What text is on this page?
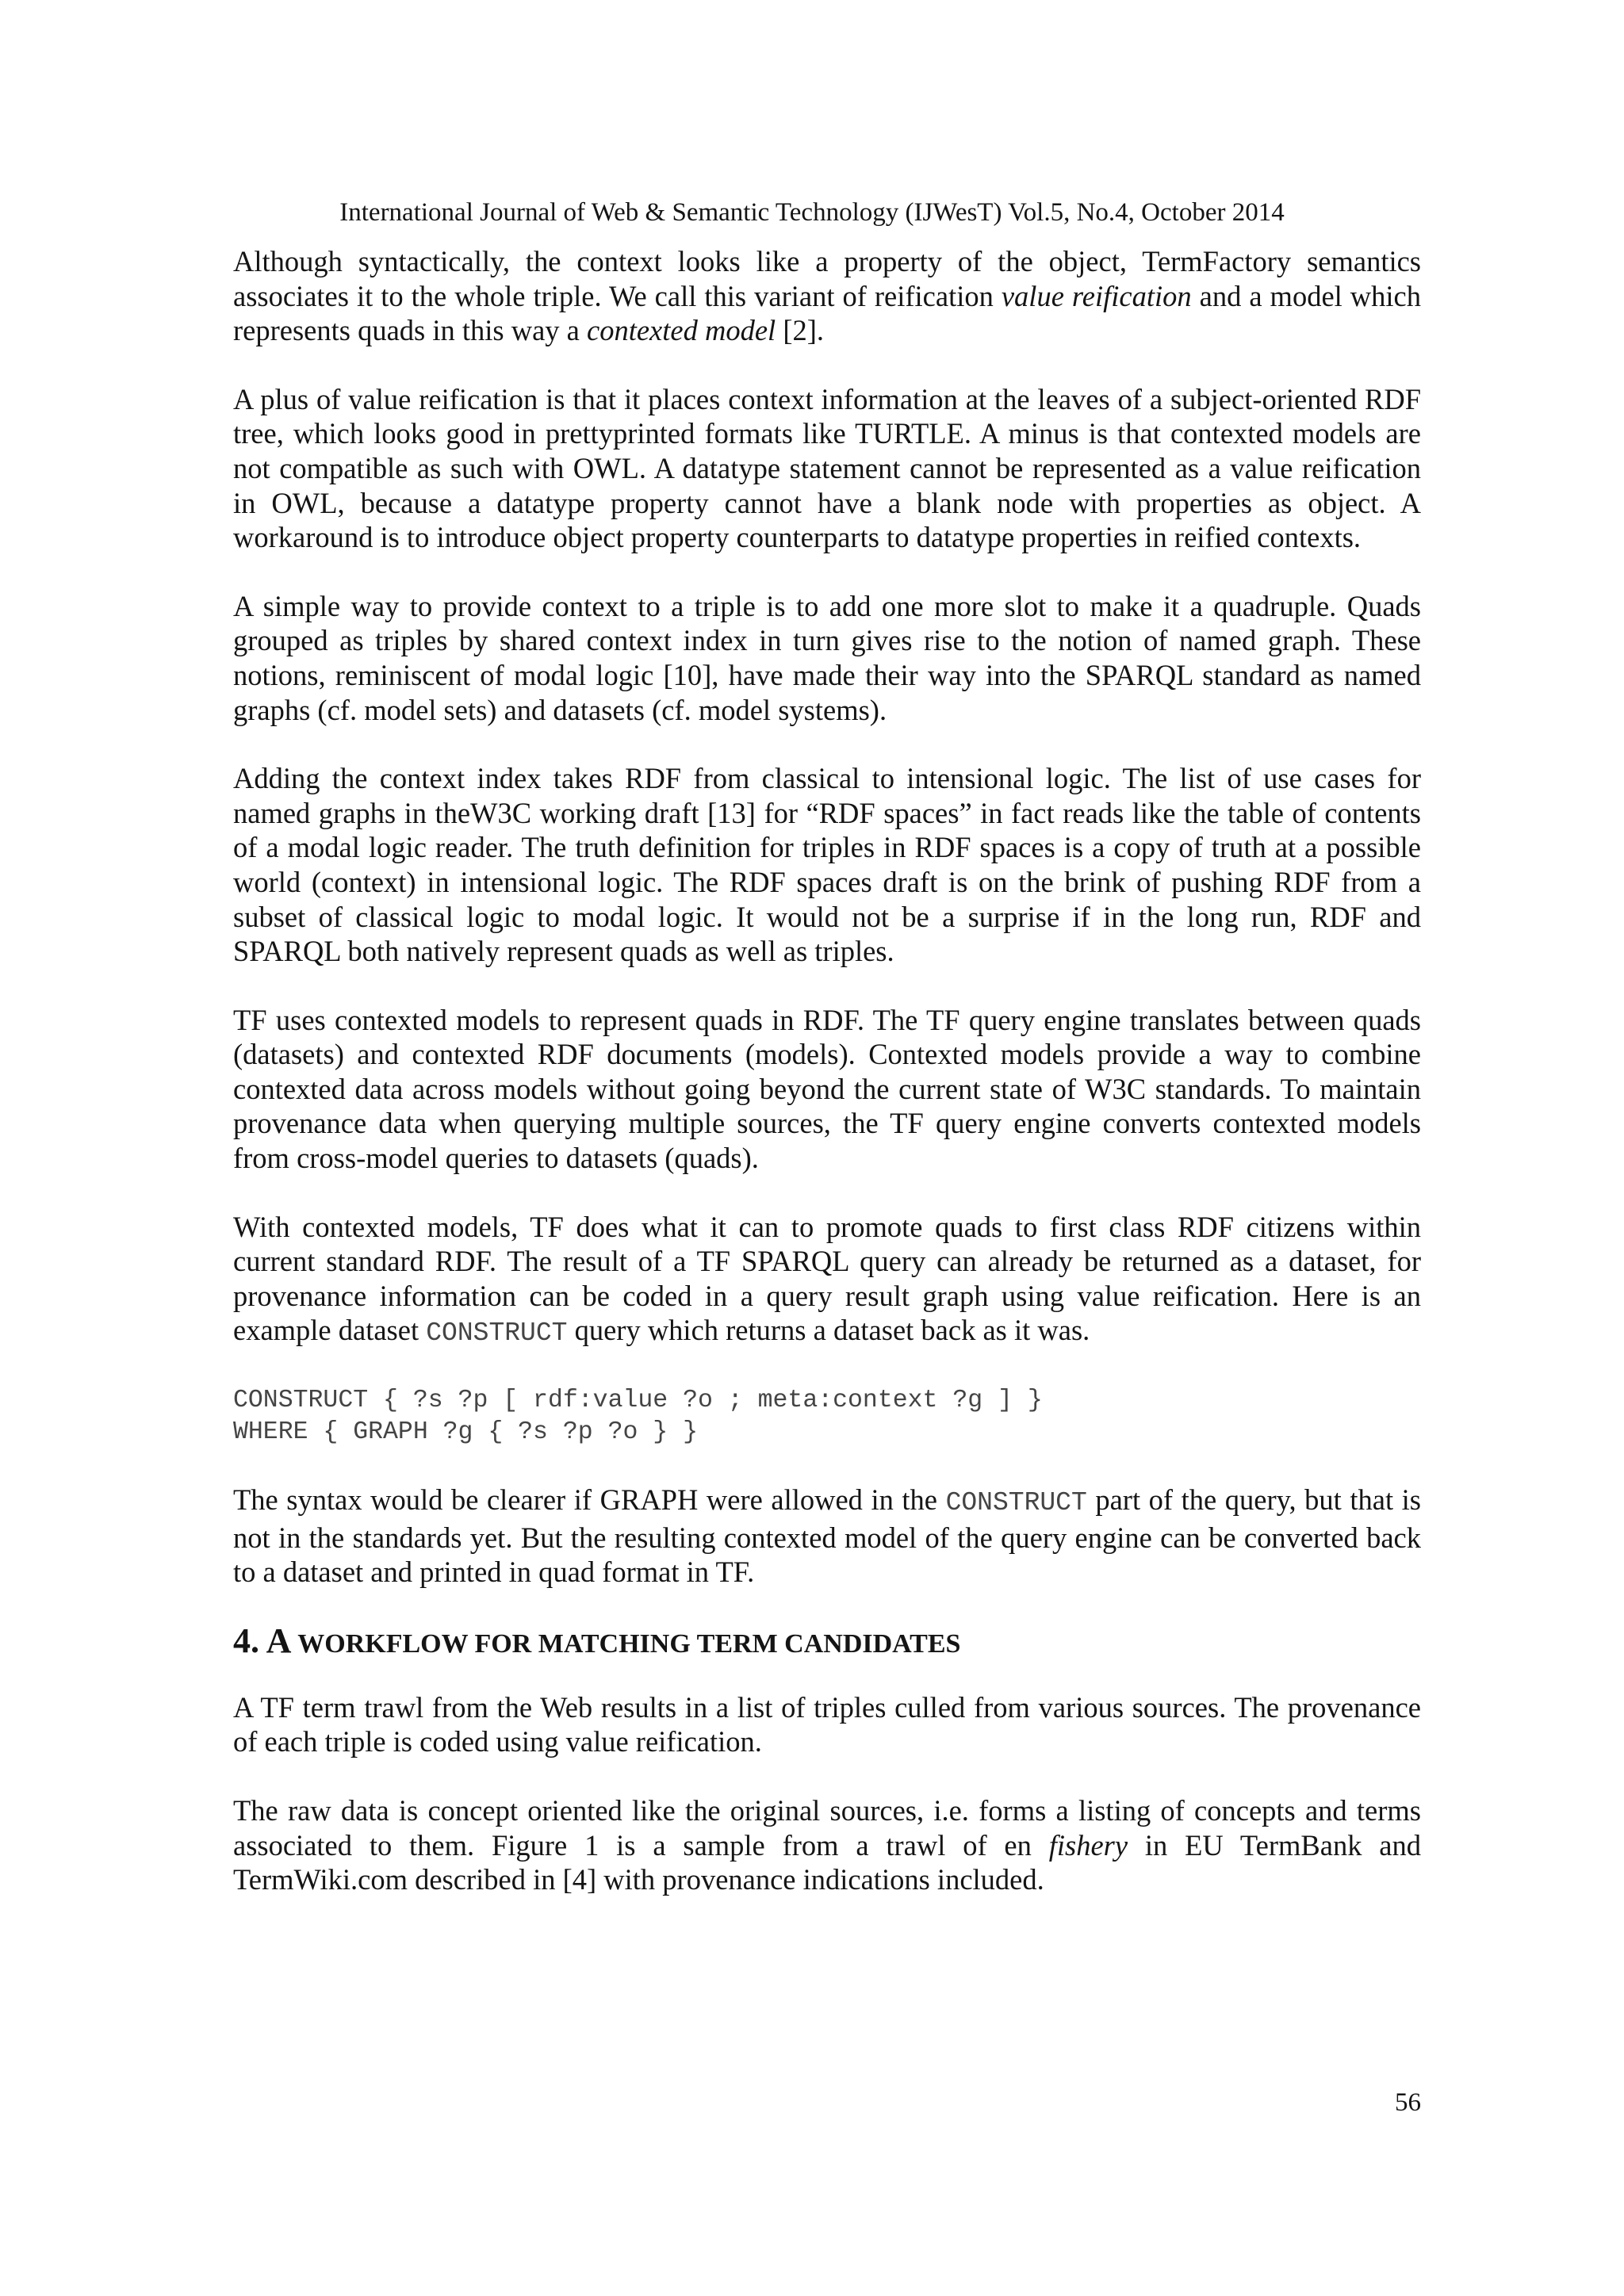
International Journal of Web & Semantic Technology (IJWesT) Vol.5, No.4, October 2014

Although syntactically, the context looks like a property of the object, TermFactory semantics associates it to the whole triple. We call this variant of reification value reification and a model which represents quads in this way a contexted model [2].

A plus of value reification is that it places context information at the leaves of a subject-oriented RDF tree, which looks good in prettyprinted formats like TURTLE. A minus is that contexted models are not compatible as such with OWL. A datatype statement cannot be represented as a value reification in OWL, because a datatype property cannot have a blank node with properties as object. A workaround is to introduce object property counterparts to datatype properties in reified contexts.

A simple way to provide context to a triple is to add one more slot to make it a quadruple. Quads grouped as triples by shared context index in turn gives rise to the notion of named graph. These notions, reminiscent of modal logic [10], have made their way into the SPARQL standard as named graphs (cf. model sets) and datasets (cf. model systems).

Adding the context index takes RDF from classical to intensional logic. The list of use cases for named graphs in theW3C working draft [13] for “RDF spaces” in fact reads like the table of contents of a modal logic reader. The truth definition for triples in RDF spaces is a copy of truth at a possible world (context) in intensional logic. The RDF spaces draft is on the brink of pushing RDF from a subset of classical logic to modal logic. It would not be a surprise if in the long run, RDF and SPARQL both natively represent quads as well as triples.

TF uses contexted models to represent quads in RDF. The TF query engine translates between quads (datasets) and contexted RDF documents (models). Contexted models provide a way to combine contexted data across models without going beyond the current state of W3C standards. To maintain provenance data when querying multiple sources, the TF query engine converts contexted models from cross-model queries to datasets (quads).

With contexted models, TF does what it can to promote quads to first class RDF citizens within current standard RDF. The result of a TF SPARQL query can already be returned as a dataset, for provenance information can be coded in a query result graph using value reification. Here is an example dataset CONSTRUCT query which returns a dataset back as it was.

CONSTRUCT { ?s ?p [ rdf:value ?o ; meta:context ?g ] }
WHERE { GRAPH ?g { ?s ?p ?o } }

The syntax would be clearer if GRAPH were allowed in the CONSTRUCT part of the query, but that is not in the standards yet. But the resulting contexted model of the query engine can be converted back to a dataset and printed in quad format in TF.

4. A WORKFLOW FOR MATCHING TERM CANDIDATES

A TF term trawl from the Web results in a list of triples culled from various sources. The provenance of each triple is coded using value reification.

The raw data is concept oriented like the original sources, i.e. forms a listing of concepts and terms associated to them. Figure 1 is a sample from a trawl of en fishery in EU TermBank and TermWiki.com described in [4] with provenance indications included.

56
